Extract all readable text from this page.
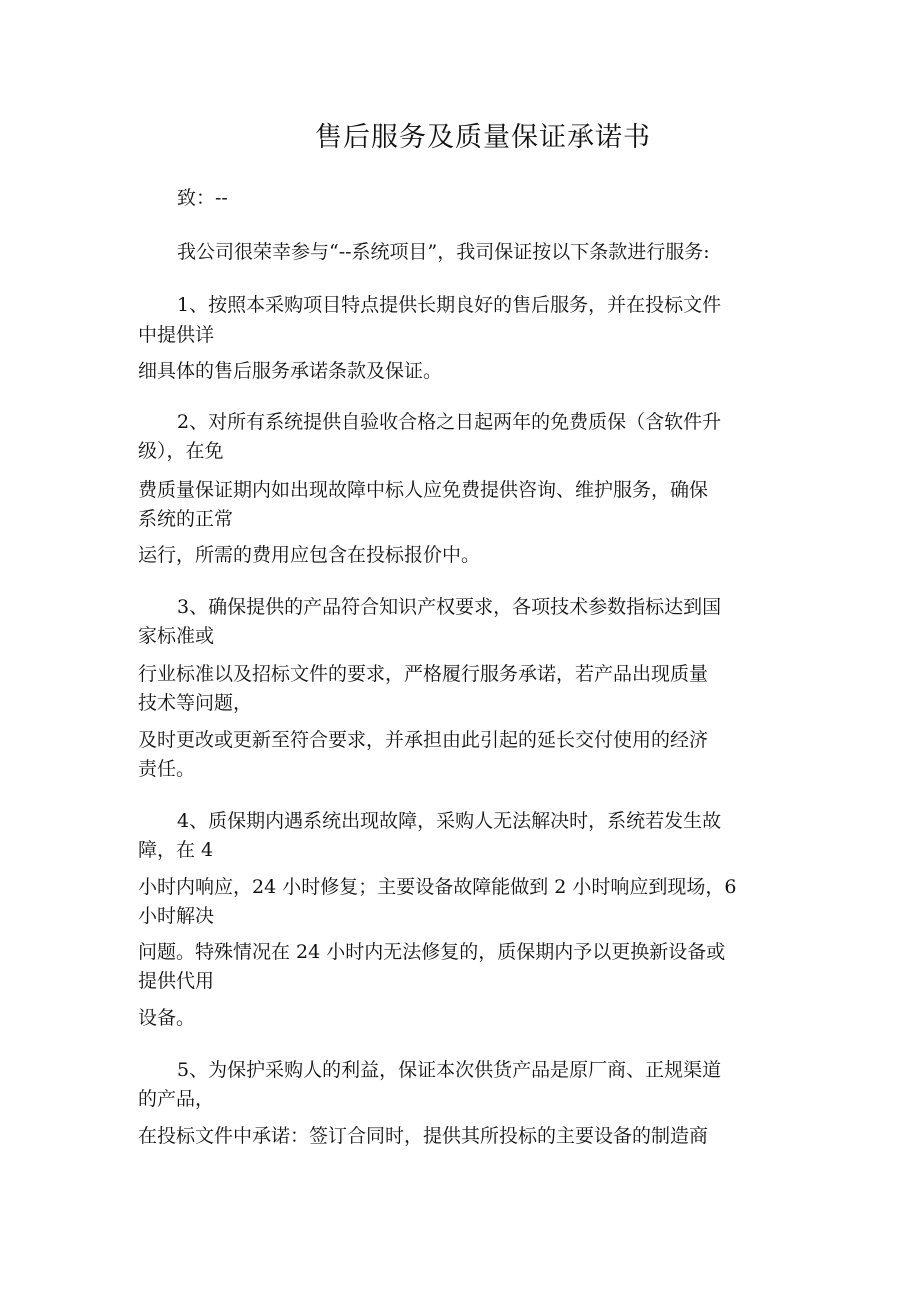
售后服务及质量保证承诺书
致：--
我公司很荣幸参与“--系统项目”，我司保证按以下条款进行服务:
1、按照本采购项目特点提供长期良好的售后服务，并在投标文件
中提供详
细具体的售后服务承诺条款及保证。
2、对所有系统提供自验收合格之日起两年的免费质保（含软件升
级），在免
费质量保证期内如出现故障中标人应免费提供咨询、维护服务，确保
系统的正常
运行，所需的费用应包含在投标报价中。
3、确保提供的产品符合知识产权要求，各项技术参数指标达到国
家标准或
行业标准以及招标文件的要求，严格履行服务承诺，若产品出现质量
技术等问题，
及时更改或更新至符合要求，并承担由此引起的延长交付使用的经济
责任。
4、质保期内遇系统出现故障，采购人无法解决时，系统若发生故
障，在 4
小时内响应，24 小时修复；主要设备故障能做到 2 小时响应到现场，6
小时解决
问题。特殊情况在 24 小时内无法修复的，质保期内予以更换新设备或
提供代用
设备。
5、为保护采购人的利益，保证本次供货产品是原厂商、正规渠道
的产品，
在投标文件中承诺：签订合同时，提供其所投标的主要设备的制造商
